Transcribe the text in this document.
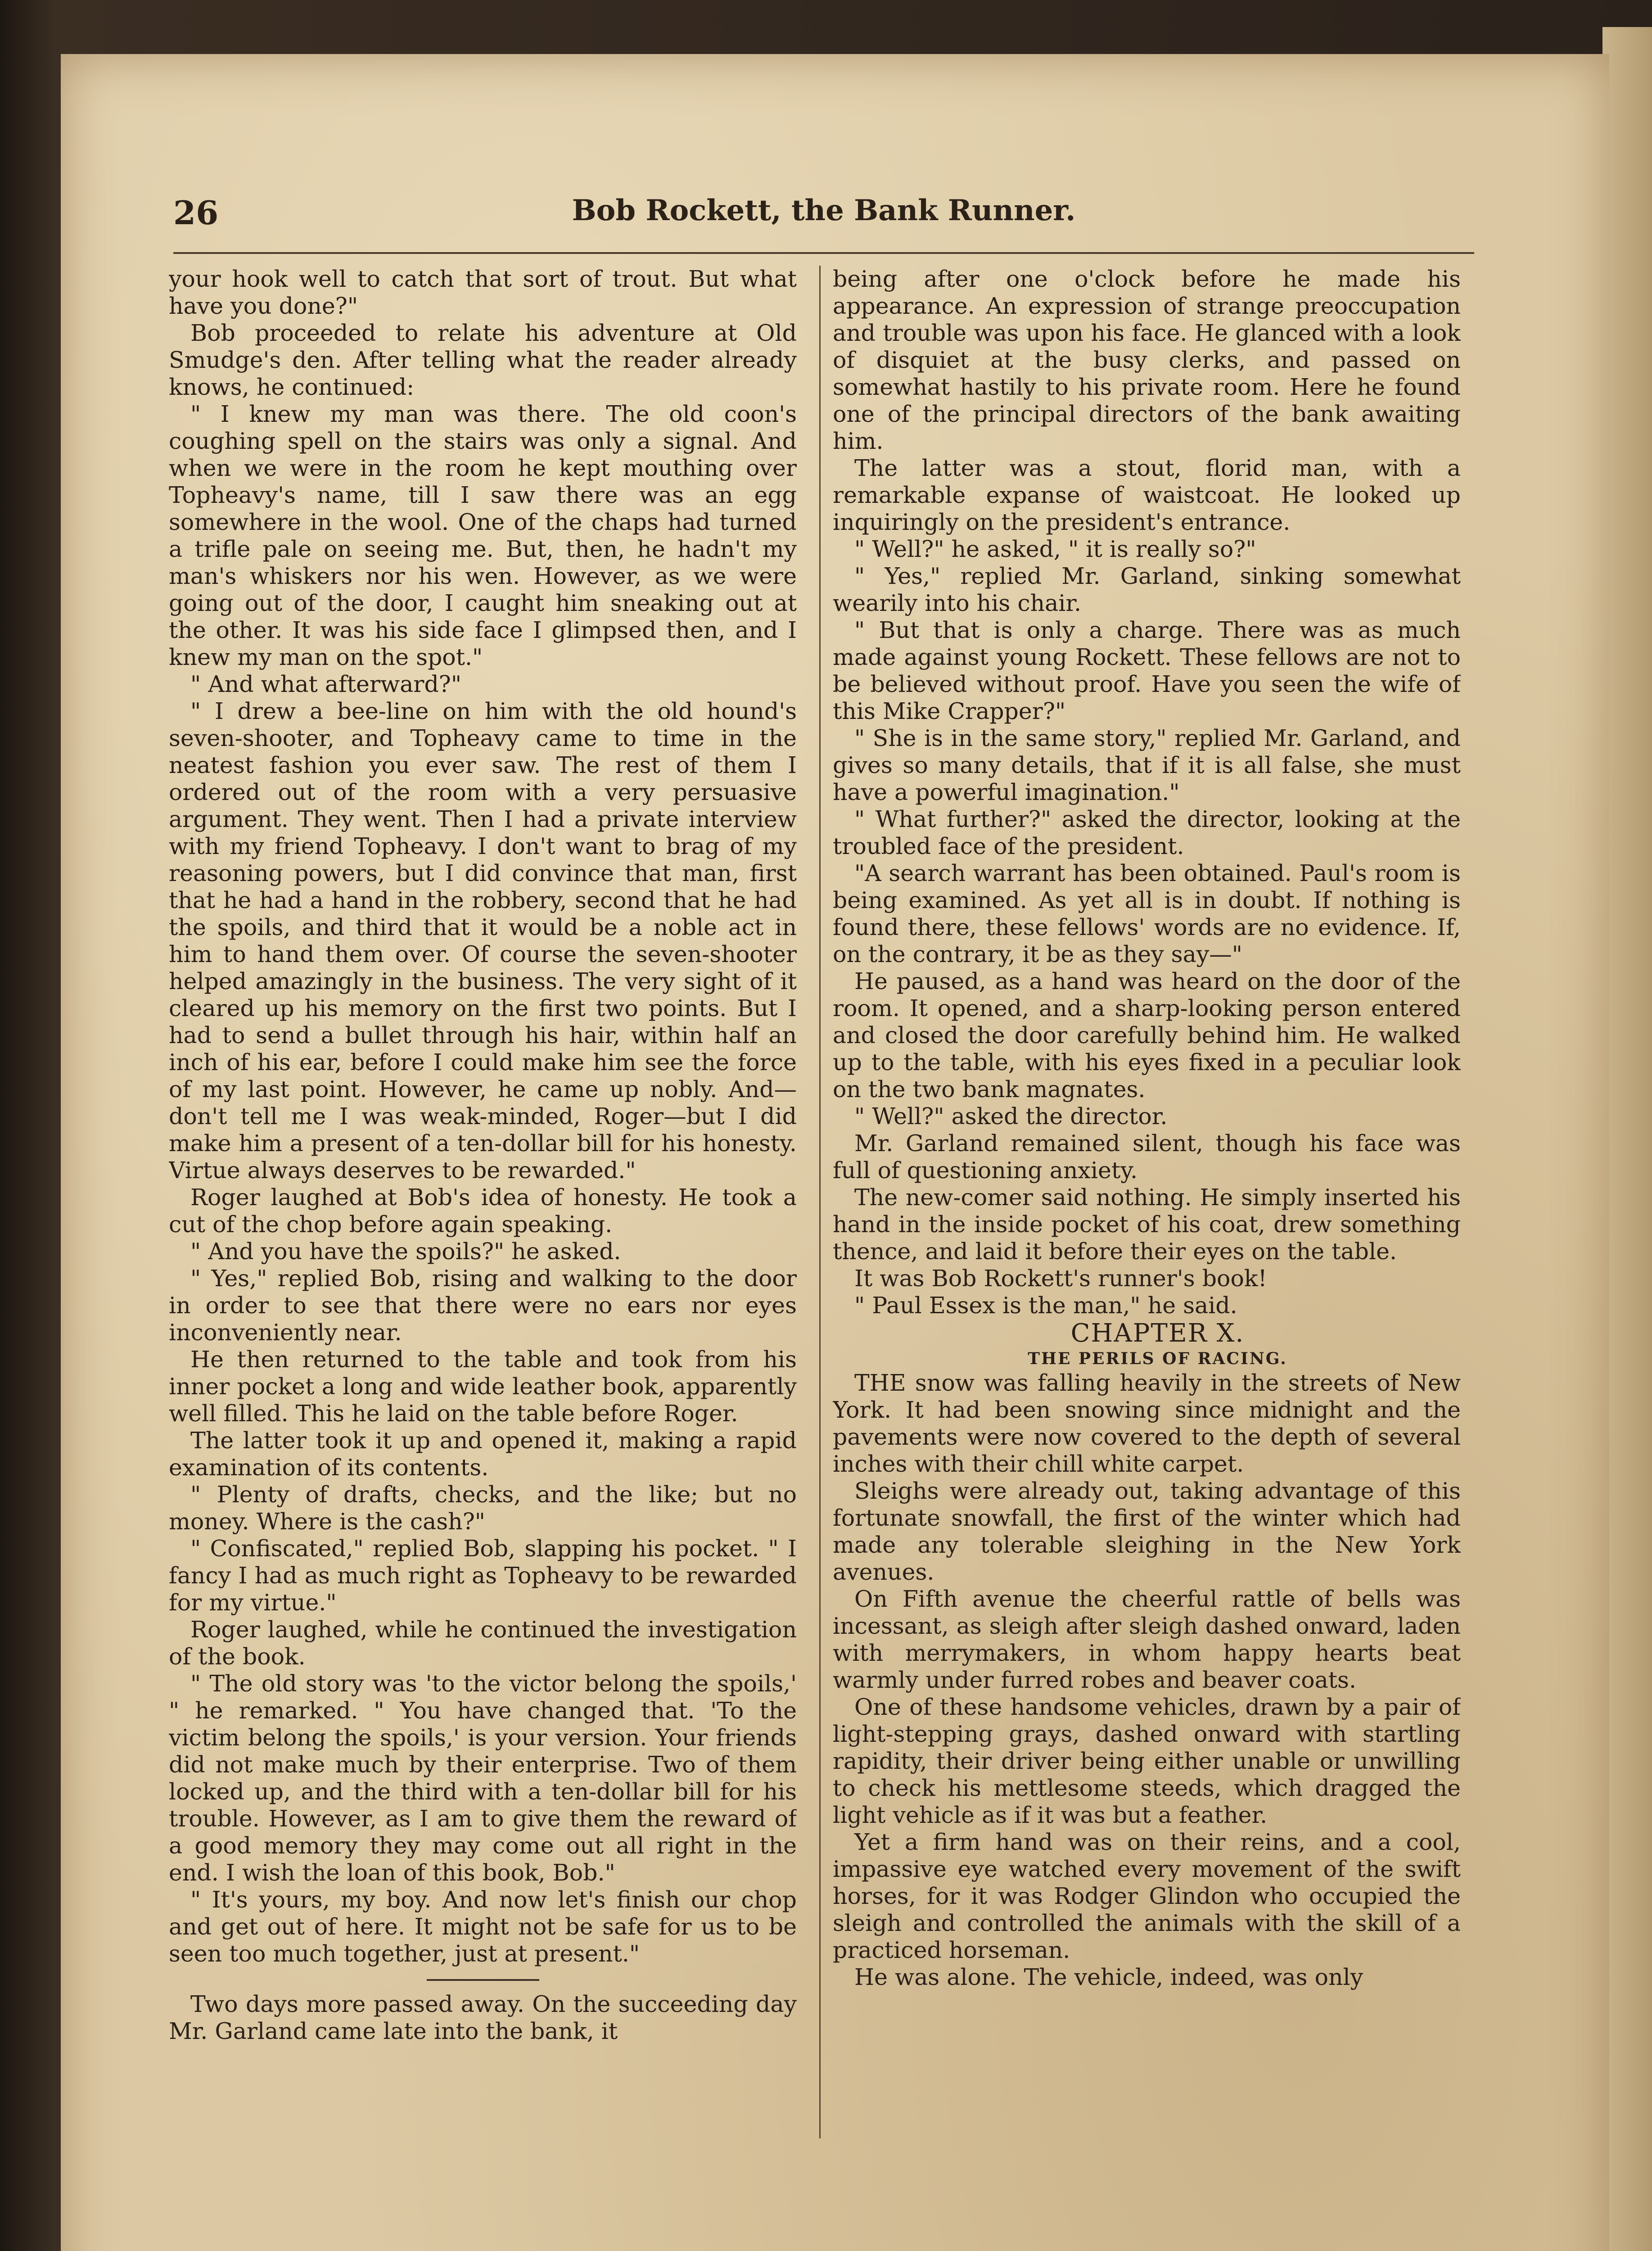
26	Bob Rockett, the Bank Runner.

your hook well to catch that sort of trout. But what have you done?"

Bob proceeded to relate his adventure at Old Smudge's den. After telling what the reader already knows, he continued:

" I knew my man was there. The old coon's coughing spell on the stairs was only a signal. And when we were in the room he kept mouthing over Topheavy's name, till I saw there was an egg somewhere in the wool. One of the chaps had turned a trifle pale on seeing me. But, then, he hadn't my man's whiskers nor his wen. However, as we were going out of the door, I caught him sneaking out at the other. It was his side face I glimpsed then, and I knew my man on the spot."

" And what afterward?"

" I drew a bee-line on him with the old hound's seven-shooter, and Topheavy came to time in the neatest fashion you ever saw. The rest of them I ordered out of the room with a very persuasive argument. They went. Then I had a private interview with my friend Topheavy. I don't want to brag of my reasoning powers, but I did convince that man, first that he had a hand in the robbery, second that he had the spoils, and third that it would be a noble act in him to hand them over. Of course the seven-shooter helped amazingly in the business. The very sight of it cleared up his memory on the first two points. But I had to send a bullet through his hair, within half an inch of his ear, before I could make him see the force of my last point. However, he came up nobly. And—don't tell me I was weak-minded, Roger—but I did make him a present of a ten-dollar bill for his honesty. Virtue always deserves to be rewarded."

Roger laughed at Bob's idea of honesty. He took a cut of the chop before again speaking.

" And you have the spoils?" he asked.

" Yes," replied Bob, rising and walking to the door in order to see that there were no ears nor eyes inconveniently near.

He then returned to the table and took from his inner pocket a long and wide leather book, apparently well filled. This he laid on the table before Roger.

The latter took it up and opened it, making a rapid examination of its contents.

" Plenty of drafts, checks, and the like; but no money. Where is the cash?"

" Confiscated," replied Bob, slapping his pocket. " I fancy I had as much right as Topheavy to be rewarded for my virtue."

Roger laughed, while he continued the investigation of the book.

" The old story was 'to the victor belong the spoils,' " he remarked. " You have changed that. 'To the victim belong the spoils,' is your version. Your friends did not make much by their enterprise. Two of them locked up, and the third with a ten-dollar bill for his trouble. However, as I am to give them the reward of a good memory they may come out all right in the end. I wish the loan of this book, Bob."

" It's yours, my boy. And now let's finish our chop and get out of here. It might not be safe for us to be seen too much together, just at present."

Two days more passed away. On the succeeding day Mr. Garland came late into the bank, it

being after one o'clock before he made his appearance. An expression of strange preoccupation and trouble was upon his face. He glanced with a look of disquiet at the busy clerks, and passed on somewhat hastily to his private room. Here he found one of the principal directors of the bank awaiting him.

The latter was a stout, florid man, with a remarkable expanse of waistcoat. He looked up inquiringly on the president's entrance.

" Well?" he asked, " it is really so?"

" Yes," replied Mr. Garland, sinking somewhat wearily into his chair.

" But that is only a charge. There was as much made against young Rockett. These fellows are not to be believed without proof. Have you seen the wife of this Mike Crapper?"

" She is in the same story," replied Mr. Garland, and gives so many details, that if it is all false, she must have a powerful imagination."

" What further?" asked the director, looking at the troubled face of the president.

"A search warrant has been obtained. Paul's room is being examined. As yet all is in doubt. If nothing is found there, these fellows' words are no evidence. If, on the contrary, it be as they say—"

He paused, as a hand was heard on the door of the room. It opened, and a sharp-looking person entered and closed the door carefully behind him. He walked up to the table, with his eyes fixed in a peculiar look on the two bank magnates.

" Well?" asked the director.

Mr. Garland remained silent, though his face was full of questioning anxiety.

The new-comer said nothing. He simply inserted his hand in the inside pocket of his coat, drew something thence, and laid it before their eyes on the table.

It was Bob Rockett's runner's book!

" Paul Essex is the man," he said.

CHAPTER X.

THE PERILS OF RACING.

THE snow was falling heavily in the streets of New York. It had been snowing since midnight and the pavements were now covered to the depth of several inches with their chill white carpet.

Sleighs were already out, taking advantage of this fortunate snowfall, the first of the winter which had made any tolerable sleighing in the New York avenues.

On Fifth avenue the cheerful rattle of bells was incessant, as sleigh after sleigh dashed onward, laden with merrymakers, in whom happy hearts beat warmly under furred robes and beaver coats.

One of these handsome vehicles, drawn by a pair of light-stepping grays, dashed onward with startling rapidity, their driver being either unable or unwilling to check his mettlesome steeds, which dragged the light vehicle as if it was but a feather.

Yet a firm hand was on their reins, and a cool, impassive eye watched every movement of the swift horses, for it was Rodger Glindon who occupied the sleigh and controlled the animals with the skill of a practiced horseman.

He was alone. The vehicle, indeed, was only
